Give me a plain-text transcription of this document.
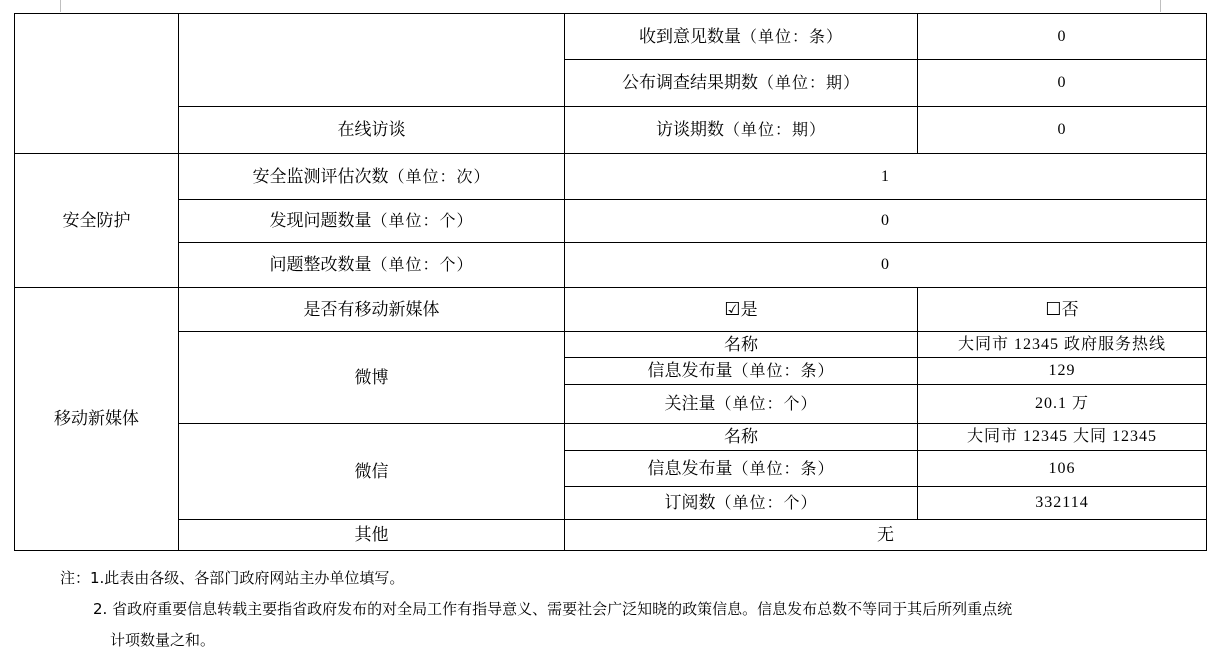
		收到意见数量（单位：条）	0
		公布调查结果期数（单位：期）	0
	在线访谈	访谈期数（单位：期）	0
安全防护	安全监测评估次数（单位：次）	1	
	发现问题数量（单位：个）	0	
	问题整改数量（单位：个）	0	
移动新媒体	是否有移动新媒体	☑是	☐否
	微博	名称	大同市 12345 政府服务热线
		信息发布量（单位：条）	129
		关注量（单位：个）	20.1 万
	微信	名称	大同市 12345 大同 12345
		信息发布量（单位：条）	106
		订阅数（单位：个）	332114
	其他	无	

注：1.此表由各级、各部门政府网站主办单位填写。

2. 省政府重要信息转载主要指省政府发布的对全局工作有指导意义、需要社会广泛知晓的政策信息。信息发布总数不等同于其后所列重点统

计项数量之和。
